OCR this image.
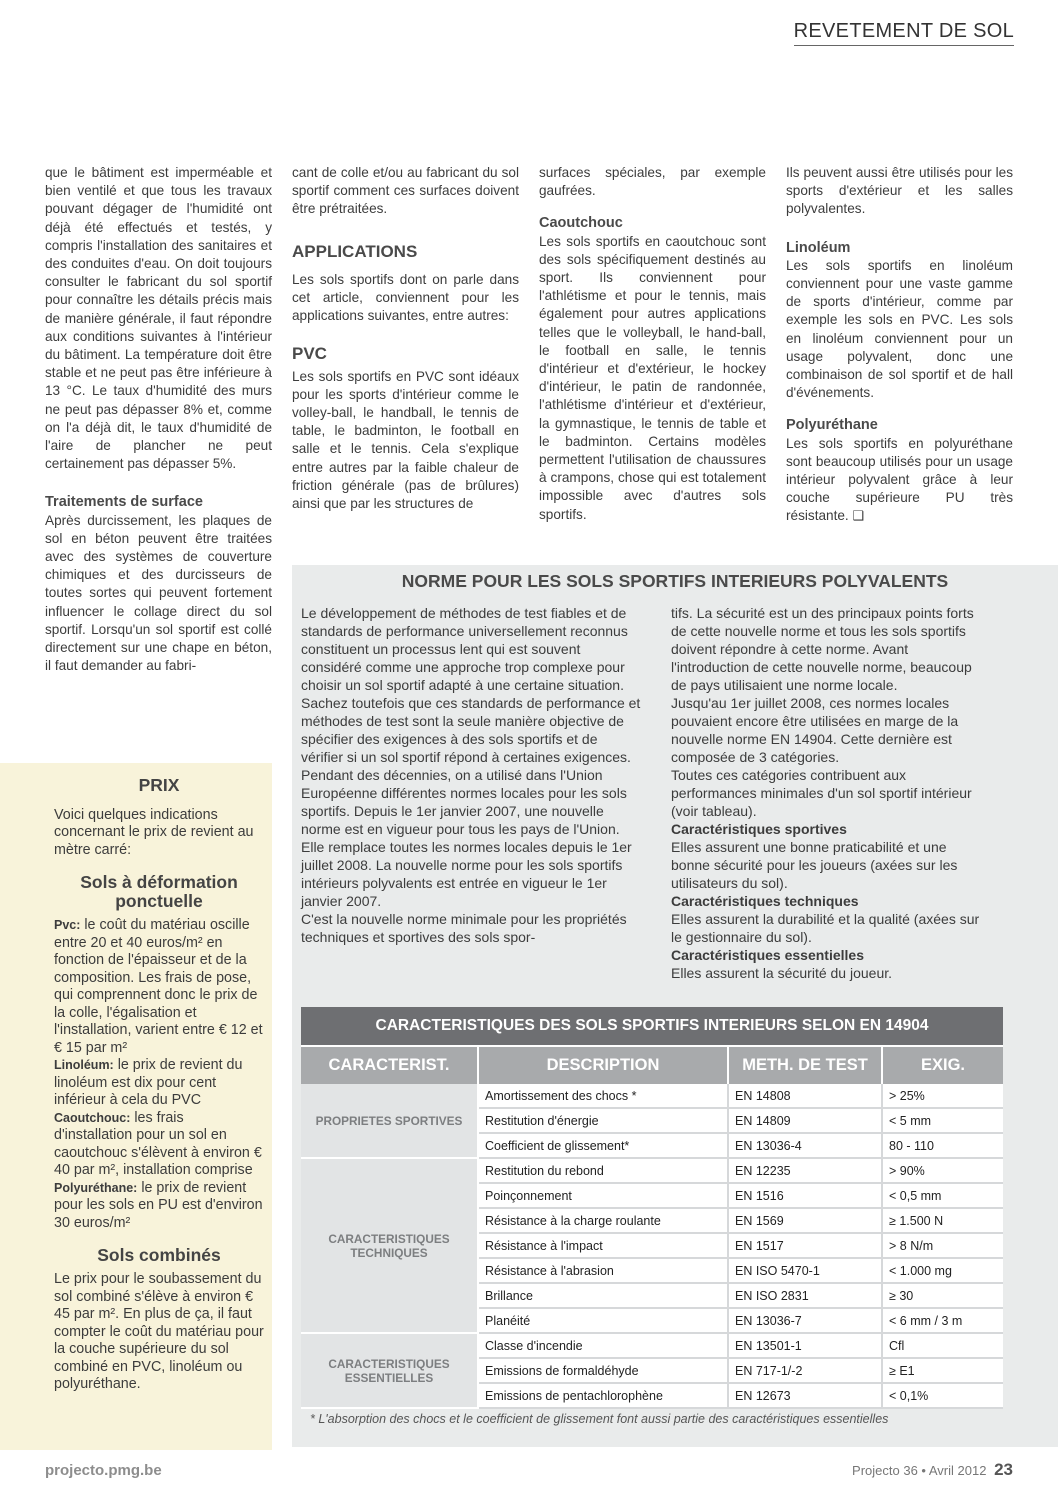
REVETEMENT DE SOL

que le bâtiment est imperméable et bien ventilé et que tous les travaux pouvant dégager de l'humidité ont déjà été effectués et testés, y compris l'installation des sanitaires et des conduites d'eau. On doit toujours consulter le fabricant du sol sportif pour connaître les détails précis mais de manière générale, il faut répondre aux conditions suivantes à l'intérieur du bâtiment. La température doit être stable et ne peut pas être inférieure à 13 °C. Le taux d'humidité des murs ne peut pas dépasser 8% et, comme on l'a déjà dit, le taux d'humidité de l'aire de plancher ne peut certainement pas dépasser 5%.

Traitements de surface

Après durcissement, les plaques de sol en béton peuvent être traitées avec des systèmes de couverture chimiques et des durcisseurs de toutes sortes qui peuvent fortement influencer le collage direct du sol sportif. Lorsqu'un sol sportif est collé directement sur une chape en béton, il faut demander au fabri-

cant de colle et/ou au fabricant du sol sportif comment ces surfaces doivent être prétraitées.

APPLICATIONS

Les sols sportifs dont on parle dans cet article, conviennent pour les applications suivantes, entre autres:

PVC

Les sols sportifs en PVC sont idéaux pour les sports d'intérieur comme le volley-ball, le handball, le tennis de table, le badminton, le football en salle et le tennis. Cela s'explique entre autres par la faible chaleur de friction générale (pas de brûlures) ainsi que par les structures de

surfaces spéciales, par exemple gaufrées.

Caoutchouc

Les sols sportifs en caoutchouc sont des sols spécifiquement destinés au sport. Ils conviennent pour l'athlétisme et pour le tennis, mais également pour autres applications telles que le volleyball, le hand-ball, le football en salle, le tennis d'intérieur et d'extérieur, le hockey d'intérieur, le patin de randonnée, l'athlétisme d'intérieur et d'extérieur, la gymnastique, le tennis de table et le badminton. Certains modèles permettent l'utilisation de chaussures à crampons, chose qui est totalement impossible avec d'autres sols sportifs.

Ils peuvent aussi être utilisés pour les sports d'extérieur et les salles polyvalentes.

Linoléum

Les sols sportifs en linoléum conviennent pour une vaste gamme de sports d'intérieur, comme par exemple les sols en PVC. Les sols en linoléum conviennent pour un usage polyvalent, donc une combinaison de sol sportif et de hall d'événements.

Polyuréthane

Les sols sportifs en polyuréthane sont beaucoup utilisés pour un usage intérieur polyvalent grâce à leur couche supérieure PU très résistante. ❑

PRIX

Voici quelques indications concernant le prix de revient au mètre carré:

Sols à déformation ponctuelle

Pvc: le coût du matériau oscille entre 20 et 40 euros/m² en fonction de l'épaisseur et de la composition. Les frais de pose, qui comprennent donc le prix de la colle, l'égalisation et l'installation, varient entre € 12 et € 15 par m²

Linoléum: le prix de revient du linoléum est dix pour cent inférieur à cela du PVC

Caoutchouc: les frais d'installation pour un sol en caoutchouc s'élèvent à environ € 40 par m², installation comprise

Polyuréthane: le prix de revient pour les sols en PU est d'environ 30 euros/m²

Sols combinés

Le prix pour le soubassement du sol combiné s'élève à environ € 45 par m². En plus de ça, il faut compter le coût du matériau pour la couche supérieure du sol combiné en PVC, linoléum ou polyuréthane.

NORME POUR LES SOLS SPORTIFS INTERIEURS POLYVALENTS

Le développement de méthodes de test fiables et de standards de performance universellement reconnus constituent un processus lent qui est souvent considéré comme une approche trop complexe pour choisir un sol sportif adapté à une certaine situation.

Sachez toutefois que ces standards de performance et méthodes de test sont la seule manière objective de spécifier des exigences à des sols sportifs et de vérifier si un sol sportif répond à certaines exigences. Pendant des décennies, on a utilisé dans l'Union Européenne différentes normes locales pour les sols sportifs. Depuis le 1er janvier 2007, une nouvelle norme est en vigueur pour tous les pays de l'Union. Elle remplace toutes les normes locales depuis le 1er juillet 2008. La nouvelle norme pour les sols sportifs intérieurs polyvalents est entrée en vigueur le 1er janvier 2007.

C'est la nouvelle norme minimale pour les propriétés techniques et sportives des sols spor-

tifs. La sécurité est un des principaux points forts de cette nouvelle norme et tous les sols sportifs doivent répondre à cette norme. Avant l'introduction de cette nouvelle norme, beaucoup de pays utilisaient une norme locale.

Jusqu'au 1er juillet 2008, ces normes locales pouvaient encore être utilisées en marge de la nouvelle norme EN 14904. Cette dernière est composée de 3 catégories.

Toutes ces catégories contribuent aux performances minimales d'un sol sportif intérieur (voir tableau).

Caractéristiques sportives

Elles assurent une bonne praticabilité et une bonne sécurité pour les joueurs (axées sur les utilisateurs du sol).

Caractéristiques techniques

Elles assurent la durabilité et la qualité (axées sur le gestionnaire du sol).

Caractéristiques essentielles

Elles assurent la sécurité du joueur.

CARACTERISTIQUES DES SOLS SPORTIFS INTERIEURS SELON EN 14904
CARACTERIST.	DESCRIPTION	METH. DE TEST	EXIG.
PROPRIETES SPORTIVES	Amortissement des chocs *	EN 14808	> 25%
	Restitution d'énergie	EN 14809	< 5 mm
	Coefficient de glissement*	EN 13036-4	80 - 110
CARACTERISTIQUES TECHNIQUES	Restitution du rebond	EN 12235	> 90%
	Poinçonnement	EN 1516	< 0,5 mm
	Résistance à la charge roulante	EN 1569	≥ 1.500 N
	Résistance à l'impact	EN 1517	> 8 N/m
	Résistance à l'abrasion	EN ISO 5470-1	< 1.000 mg
	Brillance	EN ISO 2831	≥ 30
	Planéité	EN 13036-7	< 6 mm / 3 m
CARACTERISTIQUES ESSENTIELLES	Classe d'incendie	EN 13501-1	Cfl
	Emissions de formaldéhyde	EN 717-1/-2	≥ E1
	Emissions de pentachlorophène	EN 12673	< 0,1%
* L'absorption des chocs et le coefficient de glissement font aussi partie des caractéristiques essentielles
projecto.pmg.be	Projecto 36 • Avril 2012 23
